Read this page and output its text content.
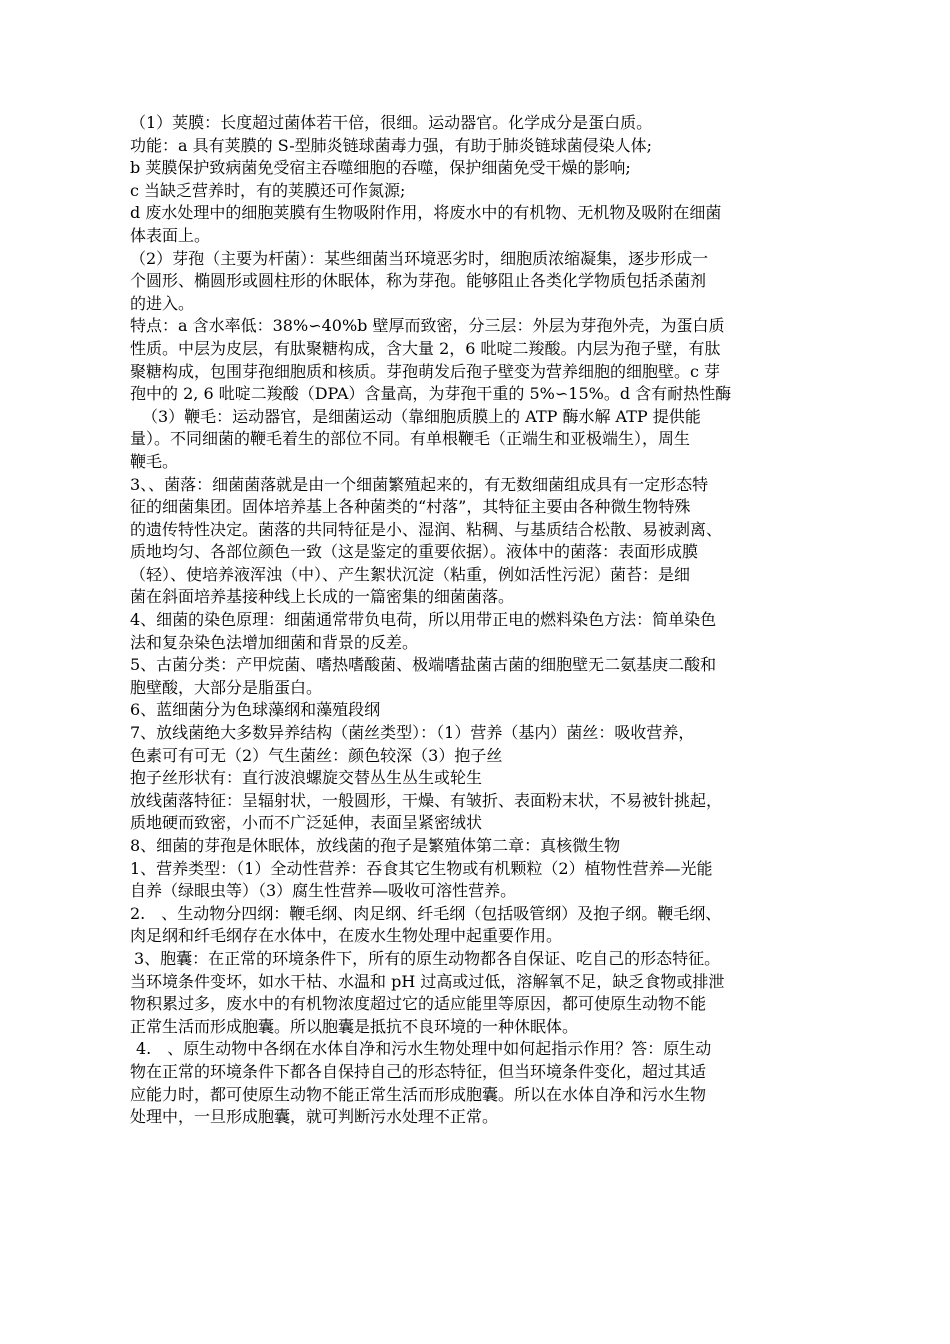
（1）荚膜：长度超过菌体若干倍，很细。运动器官。化学成分是蛋白质。
功能：a 具有荚膜的 S-型肺炎链球菌毒力强，有助于肺炎链球菌侵染人体;
b 荚膜保护致病菌免受宿主吞噬细胞的吞噬，保护细菌免受干燥的影响;
c 当缺乏营养时，有的荚膜还可作氮源;
d 废水处理中的细胞荚膜有生物吸附作用，将废水中的有机物、无机物及吸附在细菌
体表面上。
（2）芽孢（主要为杆菌）：某些细菌当环境恶劣时，细胞质浓缩凝集，逐步形成一
个圆形、椭圆形或圆柱形的休眠体，称为芽孢。能够阻止各类化学物质包括杀菌剂
的进入。
特点：a 含水率低：38%∽40%b 壁厚而致密，分三层：外层为芽孢外壳，为蛋白质
性质。中层为皮层，有肽聚糖构成，含大量 2，6 吡啶二羧酸。内层为孢子壁，有肽
聚糖构成，包围芽孢细胞质和核质。芽孢萌发后孢子壁变为营养细胞的细胞壁。c 芽
孢中的 2, 6 吡啶二羧酸（DPA）含量高，为芽孢干重的 5%∽15%。d 含有耐热性酶
（3）鞭毛：运动器官，是细菌运动（靠细胞质膜上的 ATP 酶水解 ATP 提供能
量）。不同细菌的鞭毛着生的部位不同。有单根鞭毛（正端生和亚极端生），周生
鞭毛。
3、、菌落：细菌菌落就是由一个细菌繁殖起来的，有无数细菌组成具有一定形态特
征的细菌集团。固体培养基上各种菌类的“村落”，其特征主要由各种微生物特殊
的遗传特性决定。菌落的共同特征是小、湿润、粘稠、与基质结合松散、易被剥离、
质地均匀、各部位颜色一致（这是鉴定的重要依据）。液体中的菌落：表面形成膜
（轻）、使培养液浑浊（中）、产生絮状沉淀（粘重，例如活性污泥）菌苔：是细
菌在斜面培养基接种线上长成的一篇密集的细菌菌落。
4、细菌的染色原理：细菌通常带负电荷，所以用带正电的燃料染色方法：简单染色
法和复杂染色法增加细菌和背景的反差。
5、古菌分类：产甲烷菌、嗜热嗜酸菌、极端嗜盐菌古菌的细胞壁无二氨基庚二酸和
胞壁酸，大部分是脂蛋白。
6、蓝细菌分为色球藻纲和藻殖段纲
7、放线菌绝大多数异养结构（菌丝类型）：（1）营养（基内）菌丝：吸收营养，
色素可有可无（2）气生菌丝：颜色较深（3）抱子丝
抱子丝形状有：直行波浪螺旋交替丛生丛生或轮生
放线菌落特征：呈辐射状，一般圆形，干燥、有皱折、表面粉末状，不易被针挑起，
质地硬而致密，小而不广泛延伸，表面呈紧密绒状
8、细菌的芽孢是休眠体，放线菌的孢子是繁殖体第二章：真核微生物
1、营养类型：（1）全动性营养：吞食其它生物或有机颗粒（2）植物性营养—光能
自养（绿眼虫等）（3）腐生性营养—吸收可溶性营养。
2.　、生动物分四纲：鞭毛纲、肉足纲、纤毛纲（包括吸管纲）及抱子纲。鞭毛纲、
肉足纲和纤毛纲存在水体中，在废水生物处理中起重要作用。
3、胞囊：在正常的环境条件下，所有的原生动物都各自保证、吃自己的形态特征。
当环境条件变坏，如水干枯、水温和 pH 过高或过低，溶解氧不足，缺乏食物或排泄
物积累过多，废水中的有机物浓度超过它的适应能里等原因，都可使原生动物不能
正常生活而形成胞囊。所以胞囊是抵抗不良环境的一种休眠体。
4.　、原生动物中各纲在水体自净和污水生物处理中如何起指示作用？答：原生动
物在正常的环境条件下都各自保持自己的形态特征，但当环境条件变化，超过其适
应能力时，都可使原生动物不能正常生活而形成胞囊。所以在水体自净和污水生物
处理中，一旦形成胞囊，就可判断污水处理不正常。
